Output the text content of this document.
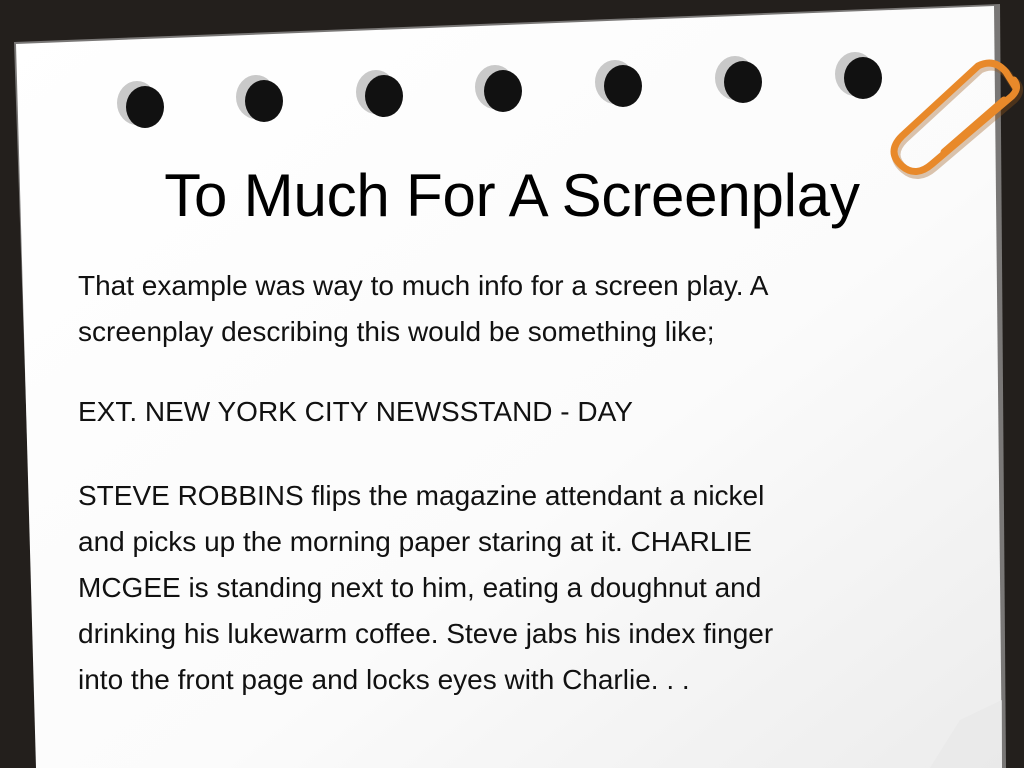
To Much For A Screenplay
That example was way to much info for a screen play. A
screenplay describing this would be something like;
EXT. NEW YORK CITY NEWSSTAND - DAY
STEVE ROBBINS flips the magazine attendant a nickel
and picks up the morning paper staring at it. CHARLIE
MCGEE is standing next to him, eating a doughnut and
drinking his lukewarm coffee. Steve jabs his index finger
into the front page and locks eyes with Charlie. . .
